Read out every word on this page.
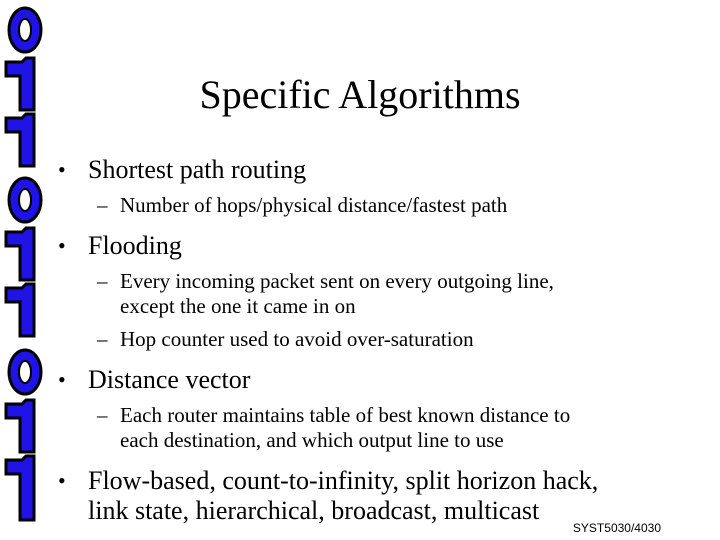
Specific Algorithms
• Shortest path routing
– Number of hops/physical distance/fastest path
• Flooding
– Every incoming packet sent on every outgoing line,
except the one it came in on
– Hop counter used to avoid over-saturation
• Distance vector
– Each router maintains table of best known distance to
each destination, and which output line to use
• Flow-based, count-to-infinity, split horizon hack,
link state, hierarchical, broadcast, multicast
SYST5030/4030
